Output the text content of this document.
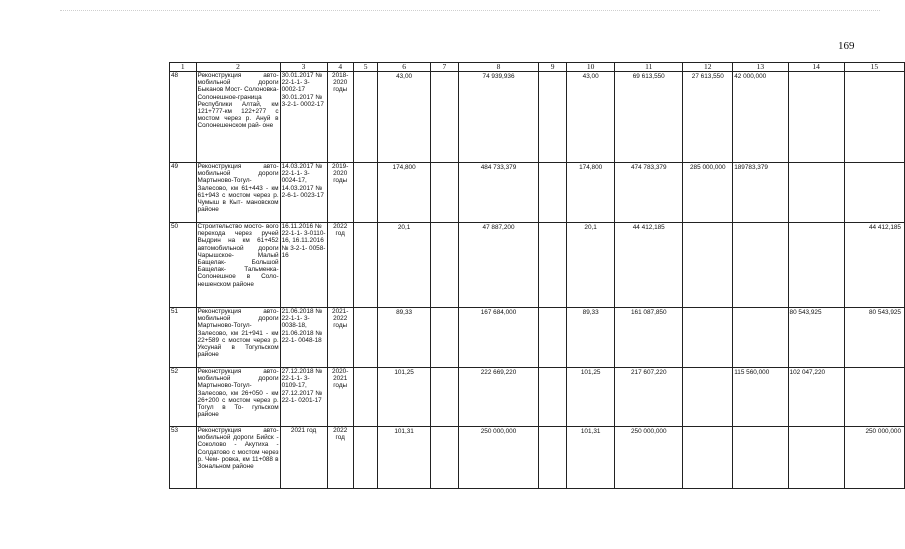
169
1	2	3	4	5	6	7	8	9	10	11	12	13	14	15
48	Реконструкция авто- мобильной дороги Быканов Мост- Солоновка- Солонешное-граница Республики Алтай, км 121+777-км 122+277 с мостом через р. Ануй в Солонешенском рай- оне	30.01.2017 № 22-1-1- 3-0002-17 30.01.2017 № 3-2-1- 0002-17	2018- 2020 годы		43,00		74 939,936		43,00	69 613,550	27 613,550	42 000,000		
49	Реконструкция авто- мобильной дороги Мартыново-Тогул- Залесово, км 61+443 - км 61+943 с мостом через р. Чумыш в Кыт- мановском районе	14.03.2017 № 22-1-1- 3-0024-17, 14.03.2017 № 2-6-1- 0023-17	2019- 2020 годы		174,800		484 733,379		174,800	474 783,379	285 000,000	189783,379		
50	Строительство мосто- вого перехода через ручей Выдрин на км 61+452 автомобильной дороги Чарышское- Малый Бащелак- Большой Бащелак- Тальменка- Солонешное в Соло- нешенском районе	16.11.2016 № 22-1-1- 3-0110-16, 16.11.2016 № 3-2-1- 0058-16	2022 год		20,1		47 887,200		20,1	44 412,185				44 412,185
51	Реконструкция авто- мобильной дороги Мартыново-Тогул- Залесово, км 21+941 - км 22+589 с мостом через р. Уксунай в Тогульском районе	21.06.2018 № 22-1-1- 3-0038-18, 21.06.2018 № 22-1- 0048-18	2021- 2022 годы		89,33		167 684,000		89,33	161 087,850			80 543,925	80 543,925
52	Реконструкция авто- мобильной дороги Мартыново-Тогул- Залесово, км 26+050 - км 26+200 с мостом через р. Тогул в То- гульском районе	27.12.2018 № 22-1-1- 3-0109-17, 27.12.2017 № 22-1- 0201-17	2020- 2021 годы		101,25		222 669,220		101,25	217 607,220		115 560,000	102 047,220	
53	Реконструкция авто- мобильной дороги Бийск - Соколово - Акутиха - Солдатово с мостом через р. Чем- ровка, км 11+088 в Зональном районе	2021 год	2022 год		101,31		250 000,000		101,31	250 000,000				250 000,000
